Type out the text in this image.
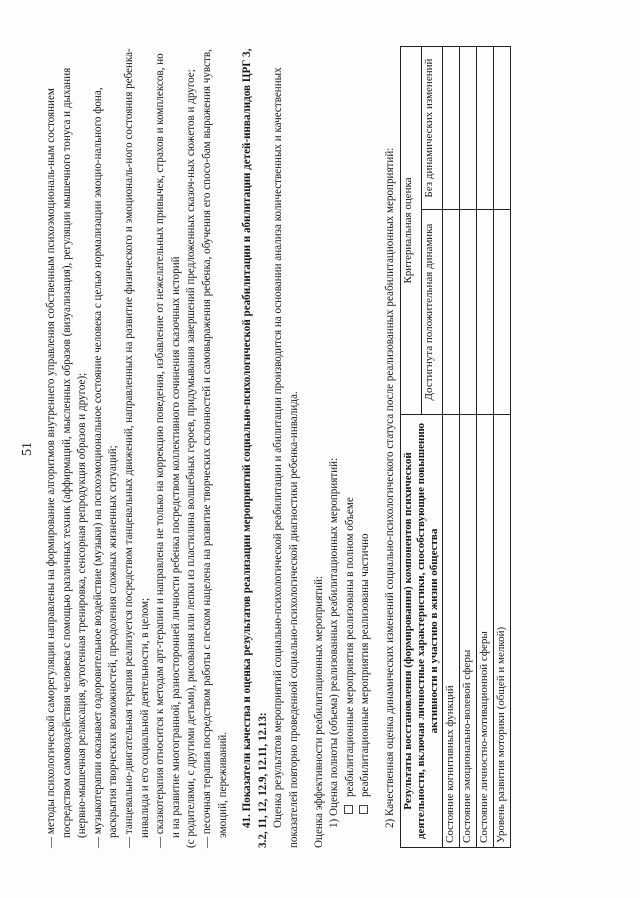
51 — методы психологической саморегуляции направлены на формирование алгоритмов внутреннего управления собственным психоэмоциональ-ным состоянием посредством самовоздействия человека с помощью различных техник (аффирмаций, мысленных образов (визуализация), регуляции мышечного тонуса и дыхания (нервно-мышечная релаксация, аутогенная тренировка, сенсорная репродукция образов и другое); — музыкотерапии оказывает оздоровительное воздействие (музыки) на психоэмоциональное состояние человека с целью нормализации эмоцио-нального фона, раскрытия творческих возможностей, преодоления сложных жизненных ситуаций; — танцевально-двигательная терапия реализуется посредством танцевальных движений, направленных на развитие физического и эмоциональ-ного состояния ребенка-инвалида и его социальной деятельности, в целом; — сказкотерапия относится к методам арт-терапии и направлена не только на коррекцию поведения, избавление от нежелательных привычек, страхов и комплексов, но и на развитие многогранной, разносторонней личности ребенка посредством коллективного сочинения сказочных историй (с родителями, с другими детьми), рисования или лепки из пластилина волшебных героев, придумывания завершений предложенных сказоч-ных сюжетов и другое; — песочная терапия посредством работы с песком нацелена на развитие творческих склонностей и самовыражения ребенка, обучения его спосо-бам выражения чувств, эмоций, переживаний. 41. Показатели качества и оценка результатов реализации мероприятий социально-психологической реабилитации и абилитации детей-инвалидов ЦРГ 3, 3.2, 11, 12, 12.9, 12.11, 12.13: Оценка результатов мероприятий социально-психологической реабилитации и абилитации производится на основании анализа количественных и качественных показателей повторно проведенной социально-психологической диагностики ребенка-инвалида. Оценка эффективности реабилитационных мероприятий: 1) Оценка полноты (объема) реализованных реабилитационных мероприятий: реабилитационные мероприятия реализованы в полном объеме реабилитационные мероприятия реализованы частично 2) Качественная оценка динамических изменений социально-психологического статуса после реализованных реабилитационных мероприятий: Результаты восстановления (формирования) компонентов психической деятельности, включая личностные характеристики, способствующие повышению активности и участию в жизни общества	Критериальная оценка	
	Достигнута положительная динамика	Без динамических изменений
Состояние когнитивных функций		
Состояние эмоционально-волевой сферы		
Состояние личностно-мотивационной сферы		
Уровень развития моторики (общей и мелкой)		
